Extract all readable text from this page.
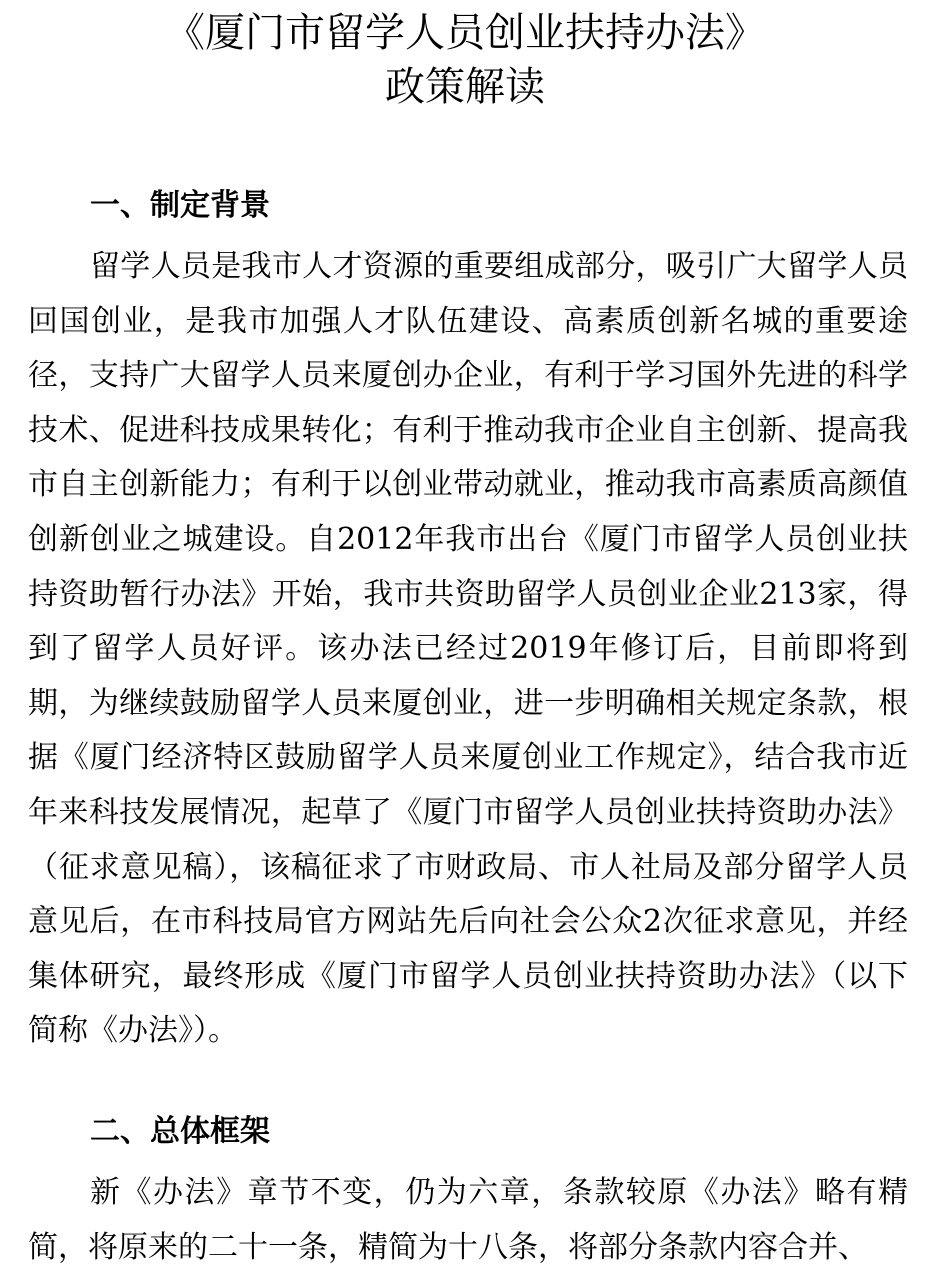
《厦门市留学人员创业扶持办法》
政策解读
一、制定背景

留学人员是我市人才资源的重要组成部分，吸引广大留学人员回国创业，是我市加强人才队伍建设、高素质创新名城的重要途径，支持广大留学人员来厦创办企业，有利于学习国外先进的科学技术、促进科技成果转化；有利于推动我市企业自主创新、提高我市自主创新能力；有利于以创业带动就业，推动我市高素质高颜值创新创业之城建设。自2012年我市出台《厦门市留学人员创业扶持资助暂行办法》开始，我市共资助留学人员创业企业213家，得到了留学人员好评。该办法已经过2019年修订后，目前即将到期，为继续鼓励留学人员来厦创业，进一步明确相关规定条款，根据《厦门经济特区鼓励留学人员来厦创业工作规定》，结合我市近年来科技发展情况，起草了《厦门市留学人员创业扶持资助办法》（征求意见稿），该稿征求了市财政局、市人社局及部分留学人员意见后，在市科技局官方网站先后向社会公众2次征求意见，并经集体研究，最终形成《厦门市留学人员创业扶持资助办法》（以下简称《办法》）。

二、总体框架

新《办法》章节不变，仍为六章，条款较原《办法》略有精简，将原来的二十一条，精简为十八条，将部分条款内容合并、
